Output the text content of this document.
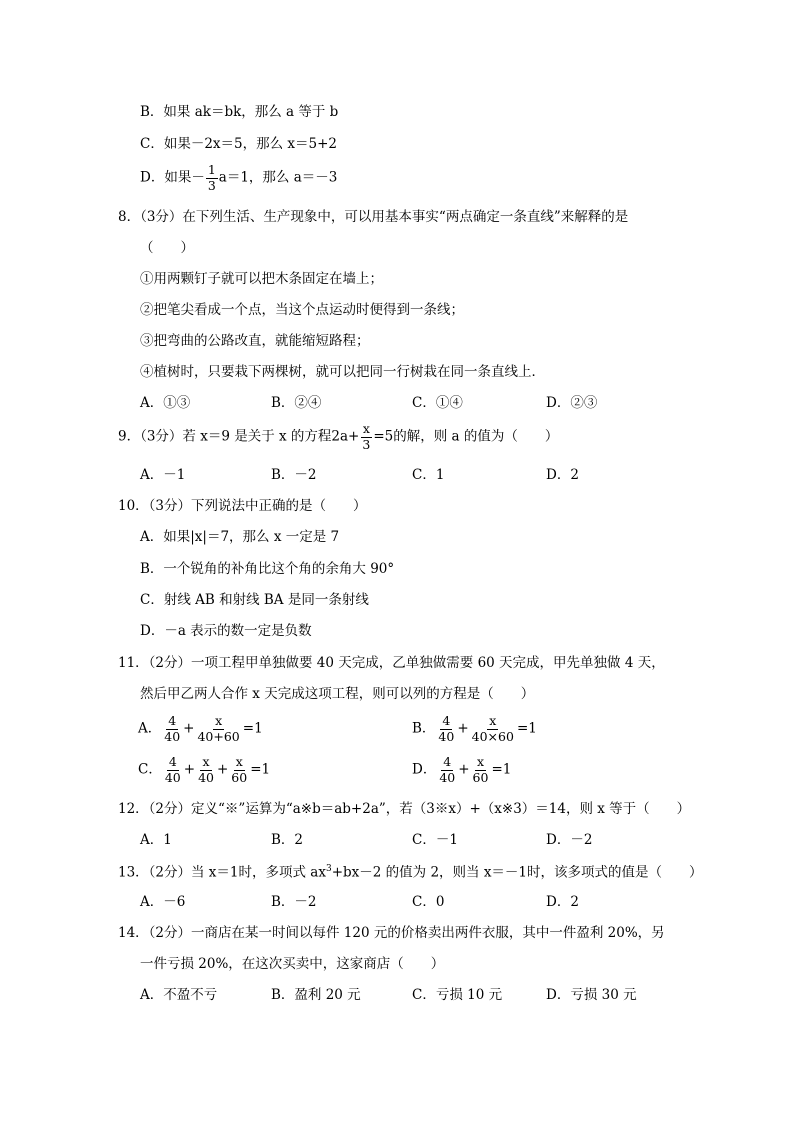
B．如果 ak＝bk，那么 a 等于 b
C．如果－2x＝5，那么 x＝5+2
D．如果－ $\frac{1}{3} a=1$，那么 a＝－3
8．（3分）在下列生活、生产现象中，可以用基本事实“两点确定一条直线”来解释的是
（　　）
①用两颗钉子就可以把木条固定在墙上；
②把笔尖看成一个点，当这个点运动时便得到一条线；
③把弯曲的公路改直，就能缩短路程；
④植树时，只要栽下两棵树，就可以把同一行树栽在同一条直线上．
A．①③	B．②④	C．①④	D．②③
9．（3分）若 x＝9 是关于 x 的方程$2a+ \frac{x}{3} =5$的解，则 a 的值为（　　）
A．－1	B．－2	C．1	D．2
10．（3分）下列说法中正确的是（　　）
A．如果|x|＝7，那么 x 一定是 7
B．一个锐角的补角比这个角的余角大 90°
C．射线 AB 和射线 BA 是同一条射线
D．－a 表示的数一定是负数
11．（2分）一项工程甲单独做要 40 天完成，乙单独做需要 60 天完成，甲先单独做 4 天，
然后甲乙两人合作 x 天完成这项工程，则可以列的方程是（　　）
A． $\frac{4}{40} + \frac{x}{40+60} =1$	B． $\frac{4}{40} + \frac{x}{40\times 60} =1$
C． $\frac{4}{40} + \frac{x}{40} + \frac{x}{60} =1$	D． $\frac{4}{40} + \frac{x}{60} =1$
12．（2分）定义“※”运算为“a※b＝ab+2a”，若（3※x）+（x※3）＝14，则 x 等于（　　）
A．1	B．2	C．－1	D．－2
13．（2分）当 x＝1时，多项式 $ax^3+bx-2$ 的值为 2，则当 x＝－1时，该多项式的值是（　　）
A．－6	B．－2	C．0	D．2
14．（2分）一商店在某一时间以每件 120 元的价格卖出两件衣服，其中一件盈利 20%，另
一件亏损 20%，在这次买卖中，这家商店（　　）
A．不盈不亏	B．盈利 20 元	C．亏损 10 元	D．亏损 30 元
